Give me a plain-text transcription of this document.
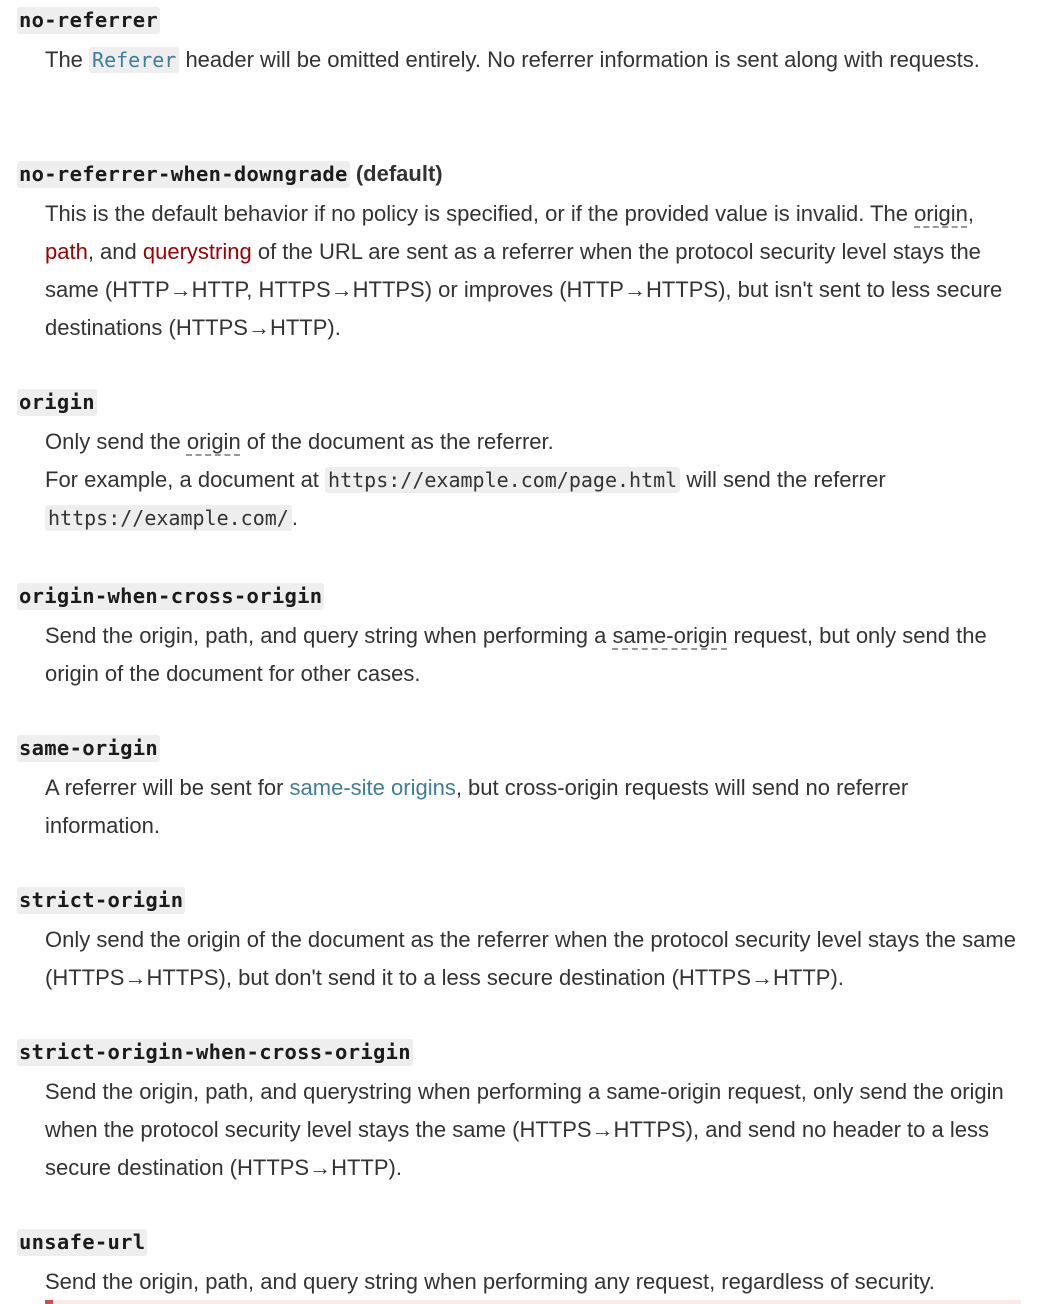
no-referrer

The Referer header will be omitted entirely. No referrer information is sent along with requests.

no-referrer-when-downgrade (default)

This is the default behavior if no policy is specified, or if the provided value is invalid. The origin, path, and querystring of the URL are sent as a referrer when the protocol security level stays the same (HTTP→HTTP, HTTPS→HTTPS) or improves (HTTP→HTTPS), but isn't sent to less secure destinations (HTTPS→HTTP).

origin

Only send the origin of the document as the referrer.

For example, a document at https://example.com/page.html will send the referrer https://example.com/ .

origin-when-cross-origin

Send the origin, path, and query string when performing a same-origin request, but only send the origin of the document for other cases.

same-origin

A referrer will be sent for same-site origins, but cross-origin requests will send no referrer information.

strict-origin

Only send the origin of the document as the referrer when the protocol security level stays the same (HTTPS→HTTPS), but don't send it to a less secure destination (HTTPS→HTTP).

strict-origin-when-cross-origin

Send the origin, path, and querystring when performing a same-origin request, only send the origin when the protocol security level stays the same (HTTPS→HTTPS), and send no header to a less secure destination (HTTPS→HTTP).

unsafe-url

Send the origin, path, and query string when performing any request, regardless of security.
